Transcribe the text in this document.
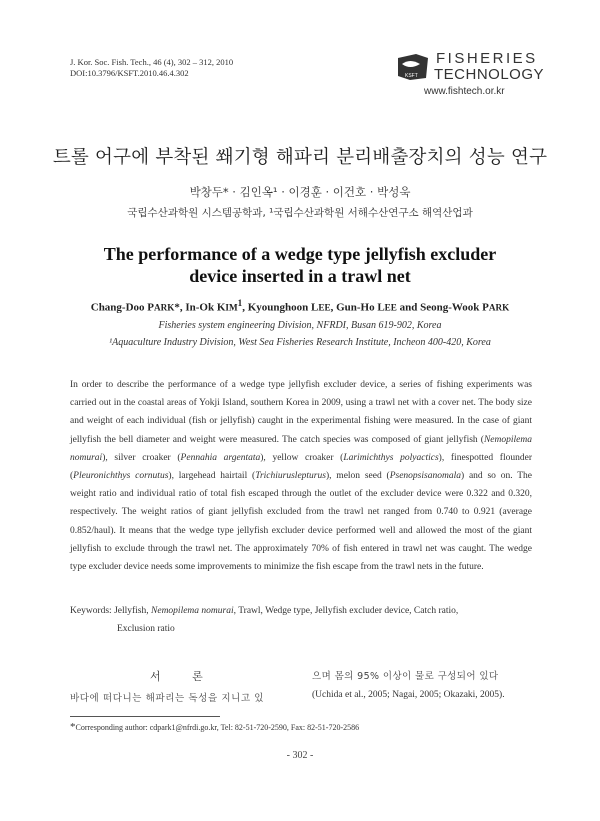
J. Kor. Soc. Fish. Tech., 46 (4), 302 – 312, 2010
DOI:10.3796/KSFT.2010.46.4.302	KSFT
FISHERIES
TECHNOLOGY
www.fishtech.or.kr
트롤 어구에 부착된 쐐기형 해파리 분리배출장치의 성능 연구
박창두* · 김인옥¹ · 이경훈 · 이건호 · 박성욱
국립수산과학원 시스템공학과, ¹국립수산과학원 서해수산연구소 해역산업과
The performance of a wedge type jellyfish excluder
device inserted in a trawl net
Chang-Doo PARK*, In-Ok KIM$^1$, Kyounghoon LEE, Gun-Ho LEE and Seong-Wook PARK
Fisheries system engineering Division, NFRDI, Busan 619-902, Korea
¹Aquaculture Industry Division, West Sea Fisheries Research Institute, Incheon 400-420, Korea
In order to describe the performance of a wedge type jellyfish excluder device, a series of fishing experiments was carried out in the coastal areas of Yokji Island, southern Korea in 2009, using a trawl net with a cover net. The body size and weight of each individual (fish or jellyfish) caught in the experimental fishing were measured. In the case of giant jellyfish the bell diameter and weight were measured. The catch species was composed of giant jellyfish (Nemopilema nomurai), silver croaker (Pennahia argentata), yellow croaker (Larimichthys polyactics), finespotted flounder (Pleuronichthys cornutus), largehead hairtail (Trichiuruslepturus), melon seed (Psenopsisanomala) and so on. The weight ratio and individual ratio of total fish escaped through the outlet of the excluder device were 0.322 and 0.320, respectively. The weight ratios of giant jellyfish excluded from the trawl net ranged from 0.740 to 0.921 (average 0.852/haul). It means that the wedge type jellyfish excluder device performed well and allowed the most of the giant jellyfish to exclude through the trawl net. The approximately 70% of fish entered in trawl net was caught. The wedge type excluder device needs some improvements to minimize the fish escape from the trawl nets in the future.
Keywords: Jellyfish, Nemopilema nomurai, Trawl, Wedge type, Jellyfish excluder device, Catch ratio,
Exclusion ratio
서 론
바다에 떠다니는 해파리는 독성을 지니고 있
으며 몸의 95% 이상이 물로 구성되어 있다
(Uchida et al., 2005; Nagai, 2005; Okazaki, 2005).
*Corresponding author: cdpark1@nfrdi.go.kr, Tel: 82-51-720-2590, Fax: 82-51-720-2586
- 302 -
